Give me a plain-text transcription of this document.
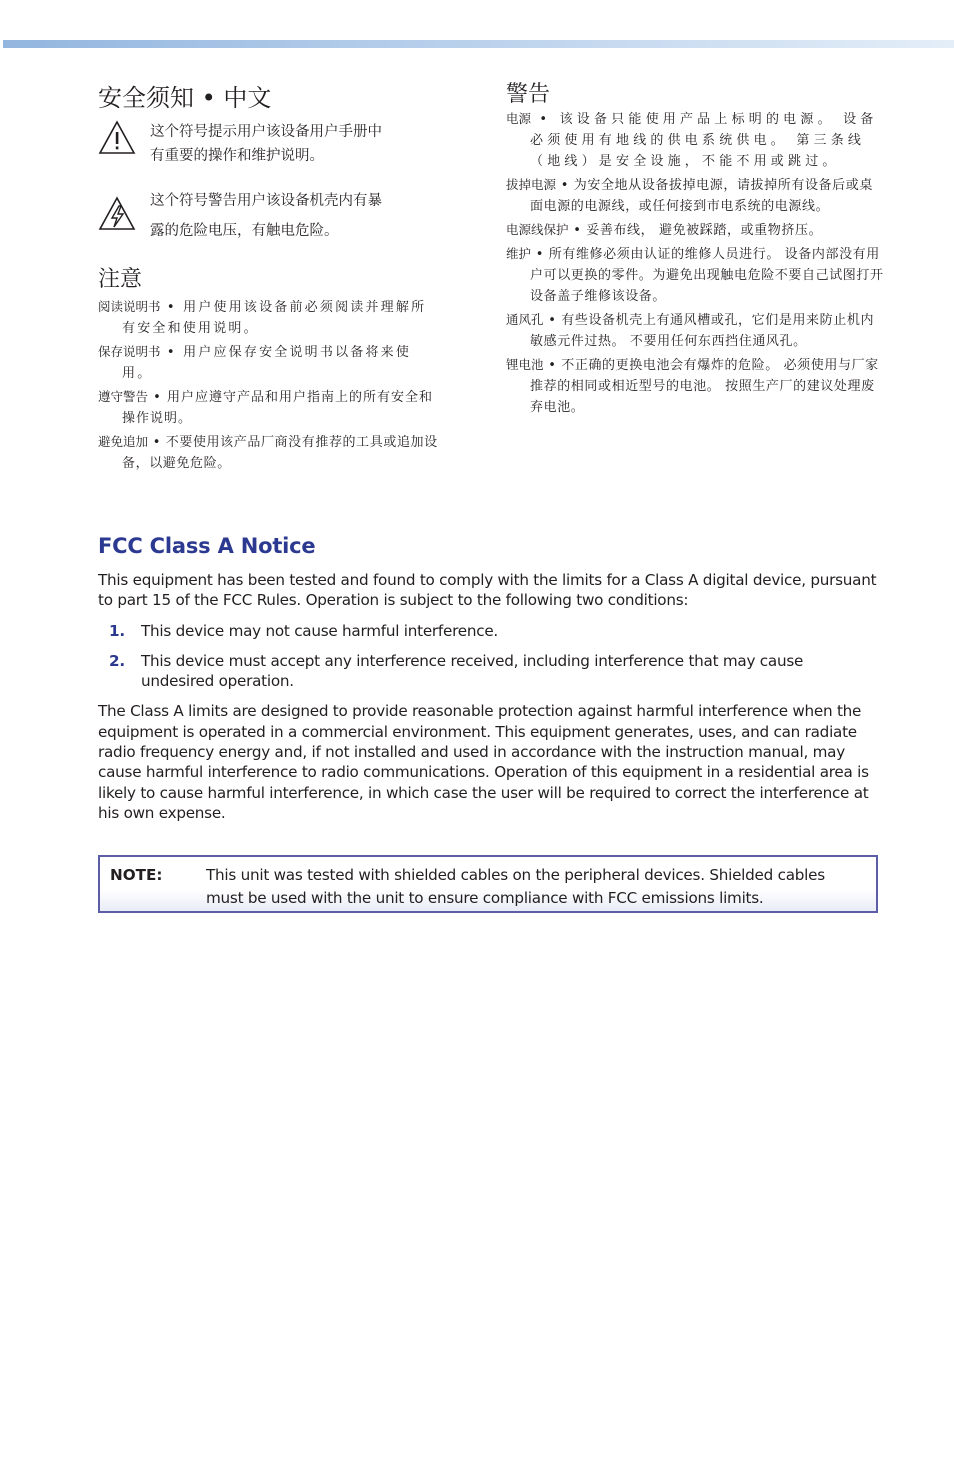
安全须知 • 中文
这个符号提示用户该设备用户手册中
有重要的操作和维护说明。
这个符号警告用户该设备机壳内有暴
露的危险电压，有触电危险。
注意
阅读说明书 • 用户使用该设备前必须阅读并理解所有安全和使用说明。
保存说明书 • 用户应保存安全说明书以备将来使用。
遵守警告 • 用户应遵守产品和用户指南上的所有安全和操作说明。
避免追加 • 不要使用该产品厂商没有推荐的工具或追加设备，以避免危险。
警告
电源 • 该设备只能使用产品上标明的电源。 设备必须使用有地线的供电系统供电。 第三条线（地线）是安全设施，不能不用或跳过。
拔掉电源 • 为安全地从设备拔掉电源，请拔掉所有设备后或桌面电源的电源线，或任何接到市电系统的电源线。
电源线保护 • 妥善布线， 避免被踩踏，或重物挤压。
维护 • 所有维修必须由认证的维修人员进行。 设备内部没有用户可以更换的零件。为避免出现触电危险不要自己试图打开设备盖子维修该设备。
通风孔 • 有些设备机壳上有通风槽或孔，它们是用来防止机内敏感元件过热。 不要用任何东西挡住通风孔。
锂电池 • 不正确的更换电池会有爆炸的危险。 必须使用与厂家推荐的相同或相近型号的电池。 按照生产厂的建议处理废弃电池。
FCC Class A Notice

This equipment has been tested and found to comply with the limits for a Class A digital device, pursuant to part 15 of the FCC Rules. Operation is subject to the following two conditions:

1.	This device may not cause harmful interference.
2.	This device must accept any interference received, including interference that may cause undesired operation.

The Class A limits are designed to provide reasonable protection against harmful interference when the equipment is operated in a commercial environment. This equipment generates, uses, and can radiate radio frequency energy and, if not installed and used in accordance with the instruction manual, may cause harmful interference to radio communications. Operation of this equipment in a residential area is likely to cause harmful interference, in which case the user will be required to correct the interference at his own expense.

NOTE:	This unit was tested with shielded cables on the peripheral devices. Shielded cables must be used with the unit to ensure compliance with FCC emissions limits.
